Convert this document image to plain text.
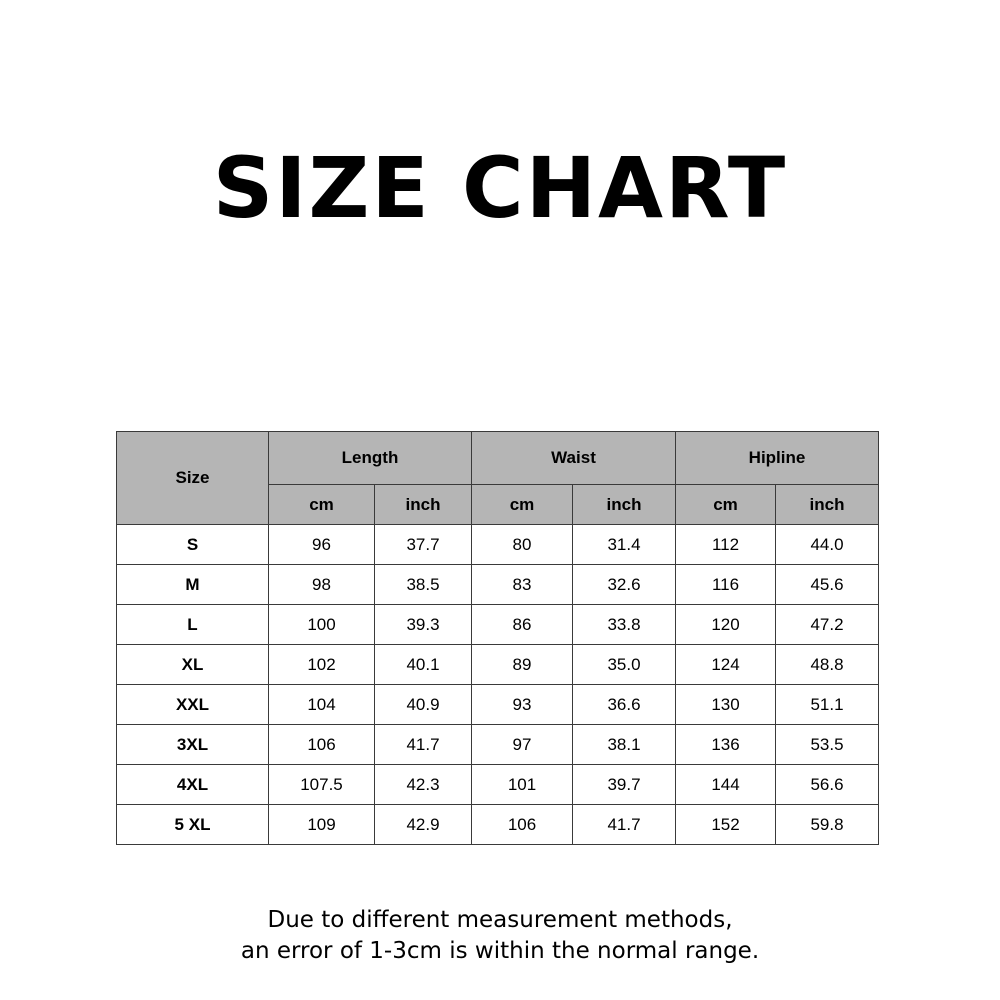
SIZE CHART
Size	Length		Waist		Hipline	
	cm	inch	cm	inch	cm	inch
S	96	37.7	80	31.4	112	44.0
M	98	38.5	83	32.6	116	45.6
L	100	39.3	86	33.8	120	47.2
XL	102	40.1	89	35.0	124	48.8
XXL	104	40.9	93	36.6	130	51.1
3XL	106	41.7	97	38.1	136	53.5
4XL	107.5	42.3	101	39.7	144	56.6
5 XL	109	42.9	106	41.7	152	59.8
Due to different measurement methods,
an error of 1-3cm is within the normal range.
